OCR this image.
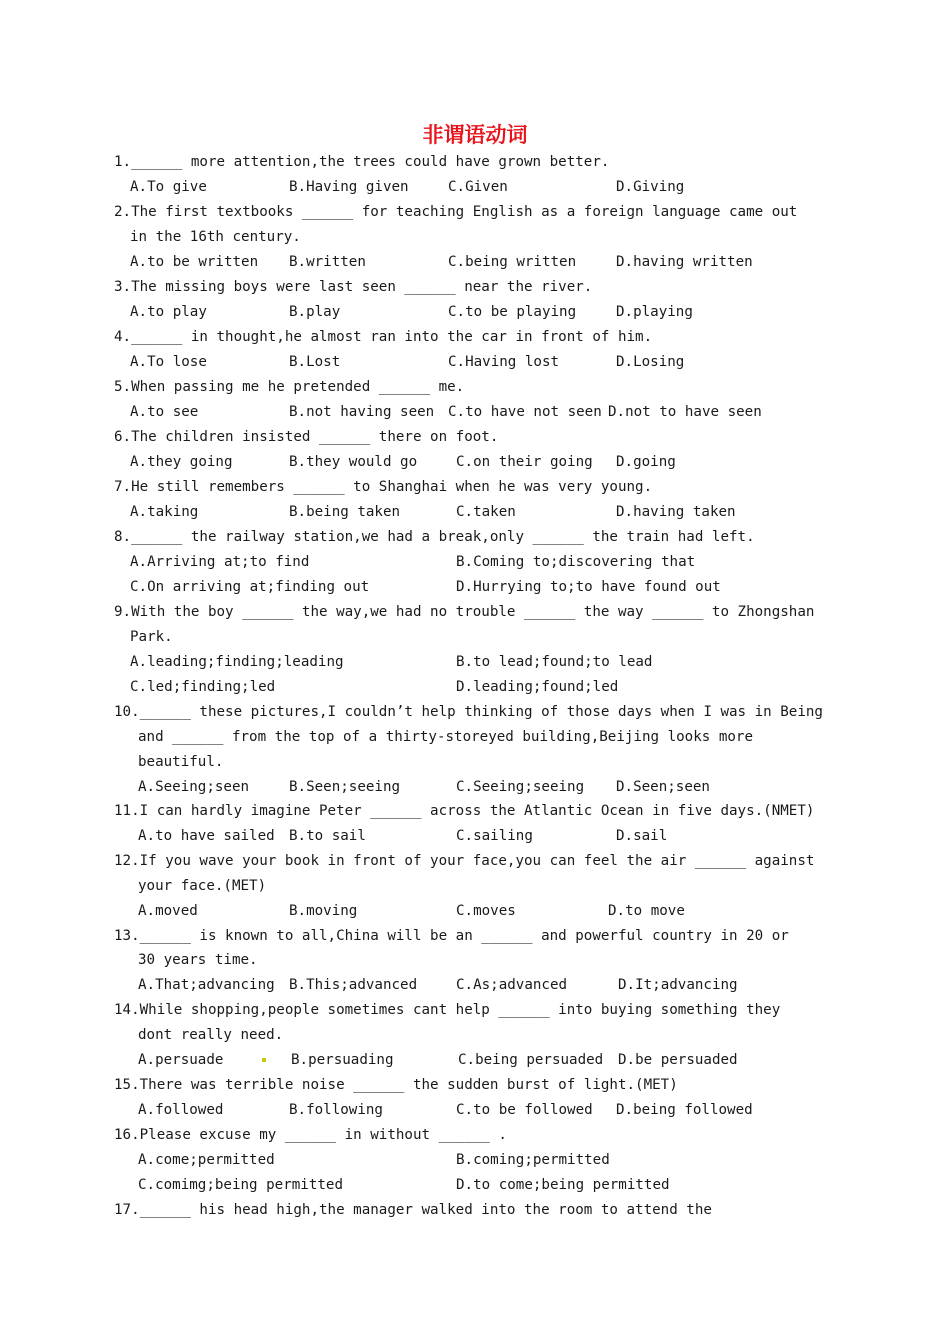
非谓语动词
1.______ more attention,the trees could have grown better.
A.To give	B.Having given	C.Given	D.Giving
2.The first textbooks ______ for teaching English as a foreign language came out
in the 16th century.
A.to be written B.written	C.being written	D.having written
3.The missing boys were last seen ______ near the river.
A.to play	B.play	C.to be playing	D.playing
4.______ in thought,he almost ran into the car in front of him.
A.To lose	B.Lost	C.Having lost	D.Losing
5.When passing me he pretended ______ me.
A.to see	B.not having seen C.to have not seen D.not to have seen
6.The children insisted ______ there on foot.
A.they going	B.they would go	C.on their going D.going
7.He still remembers ______ to Shanghai when he was very young.
A.taking	B.being taken	C.taken	D.having taken
8.______ the railway station,we had a break,only ______ the train had left.
A.Arriving at;to find	B.Coming to;discovering that
C.On arriving at;finding out	D.Hurrying to;to have found out
9.With the boy ______ the way,we had no trouble ______ the way ______ to Zhongshan
Park.
A.leading;finding;leading	B.to lead;found;to lead
C.led;finding;led	D.leading;found;led
10.______ these pictures,I couldn’t help thinking of those days when I was in Being
and ______ from the top of a thirty-storeyed building,Beijing looks more
beautiful.
A.Seeing;seen	B.Seen;seeing	C.Seeing;seeing D.Seen;seen
11.I can hardly imagine Peter ______ across the Atlantic Ocean in five days.(NMET)
A.to have sailed B.to sail	C.sailing	D.sail
12.If you wave your book in front of your face,you can feel the air ______ against
your face.(MET)
A.moved	B.moving	C.moves	D.to move
13.______ is known to all,China will be an ______ and powerful country in 20 or
30 years time.
A.That;advancing B.This;advanced	C.As;advanced	D.It;advancing
14.While shopping,people sometimes cant help ______ into buying something they
dont really need.
A.persuade	B.persuading	C.being persuaded D.be persuaded
15.There was terrible noise ______ the sudden burst of light.(MET)
A.followed	B.following	C.to be followed D.being followed
16.Please excuse my ______ in without ______ .
A.come;permitted	B.coming;permitted
C.comimg;being permitted	D.to come;being permitted
17.______ his head high,the manager walked into the room to attend the
